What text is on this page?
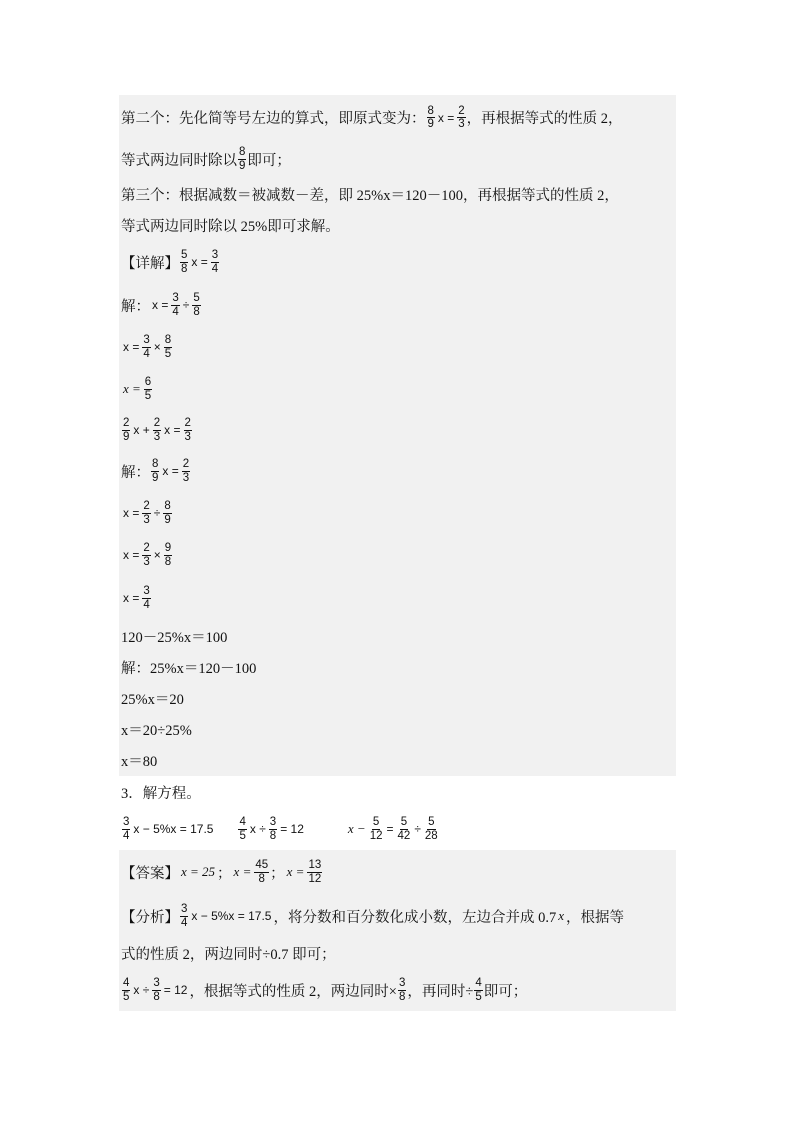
第二个：先化简等号左边的算式，即原式变为： $\frac{8}{9}$ $x = \frac{2}{3}$ ，再根据等式的性质 2，
等式两边同时除以 $\frac{8}{9}$ 即可；
第三个：根据减数＝被减数－差，即 25%x＝120－100，再根据等式的性质 2，
等式两边同时除以 25%即可求解。
【详解】 $\frac{5}{8}$ $x = \frac{3}{4}$
解： $x = \frac{3}{4} \div \frac{5}{8}$
$x = \frac{3}{4} \times \frac{8}{5}$
$x = \frac{6}{5}$
$\frac{2}{9}$ $x + \frac{2}{3}$ $x = \frac{2}{3}$
解： $\frac{8}{9}$ $x = \frac{2}{3}$
$x = \frac{2}{3} \div \frac{8}{9}$
$x = \frac{2}{3} \times \frac{9}{8}$
$x = \frac{3}{4}$
120－25%x＝100
解：25%x＝120－100
25%x＝20
x＝20÷25%
x＝80
3．解方程。
$\frac{3}{4}$ $x - 5\%x = 17.5 \frac{4}{5}$ $x \div \frac{3}{8} = 12$	$x - \frac{5}{12} = \frac{5}{42} \div \frac{5}{28}$
【答案】 x = 25 ； $x = \frac{45}{8}$ ； $x = \frac{13}{12}$
【分析】 $\frac{3}{4}$ x − 5%x = 17.5 ，将分数和百分数化成小数，左边合并成 0.7 x ，根据等
式的性质 2，两边同时÷0.7 即可；
$\frac{4}{5}$ $x \div \frac{3}{8} = 12$ ，根据等式的性质 2，两边同时× $\frac{3}{8}$ ，再同时÷ $\frac{4}{5}$ 即可；
